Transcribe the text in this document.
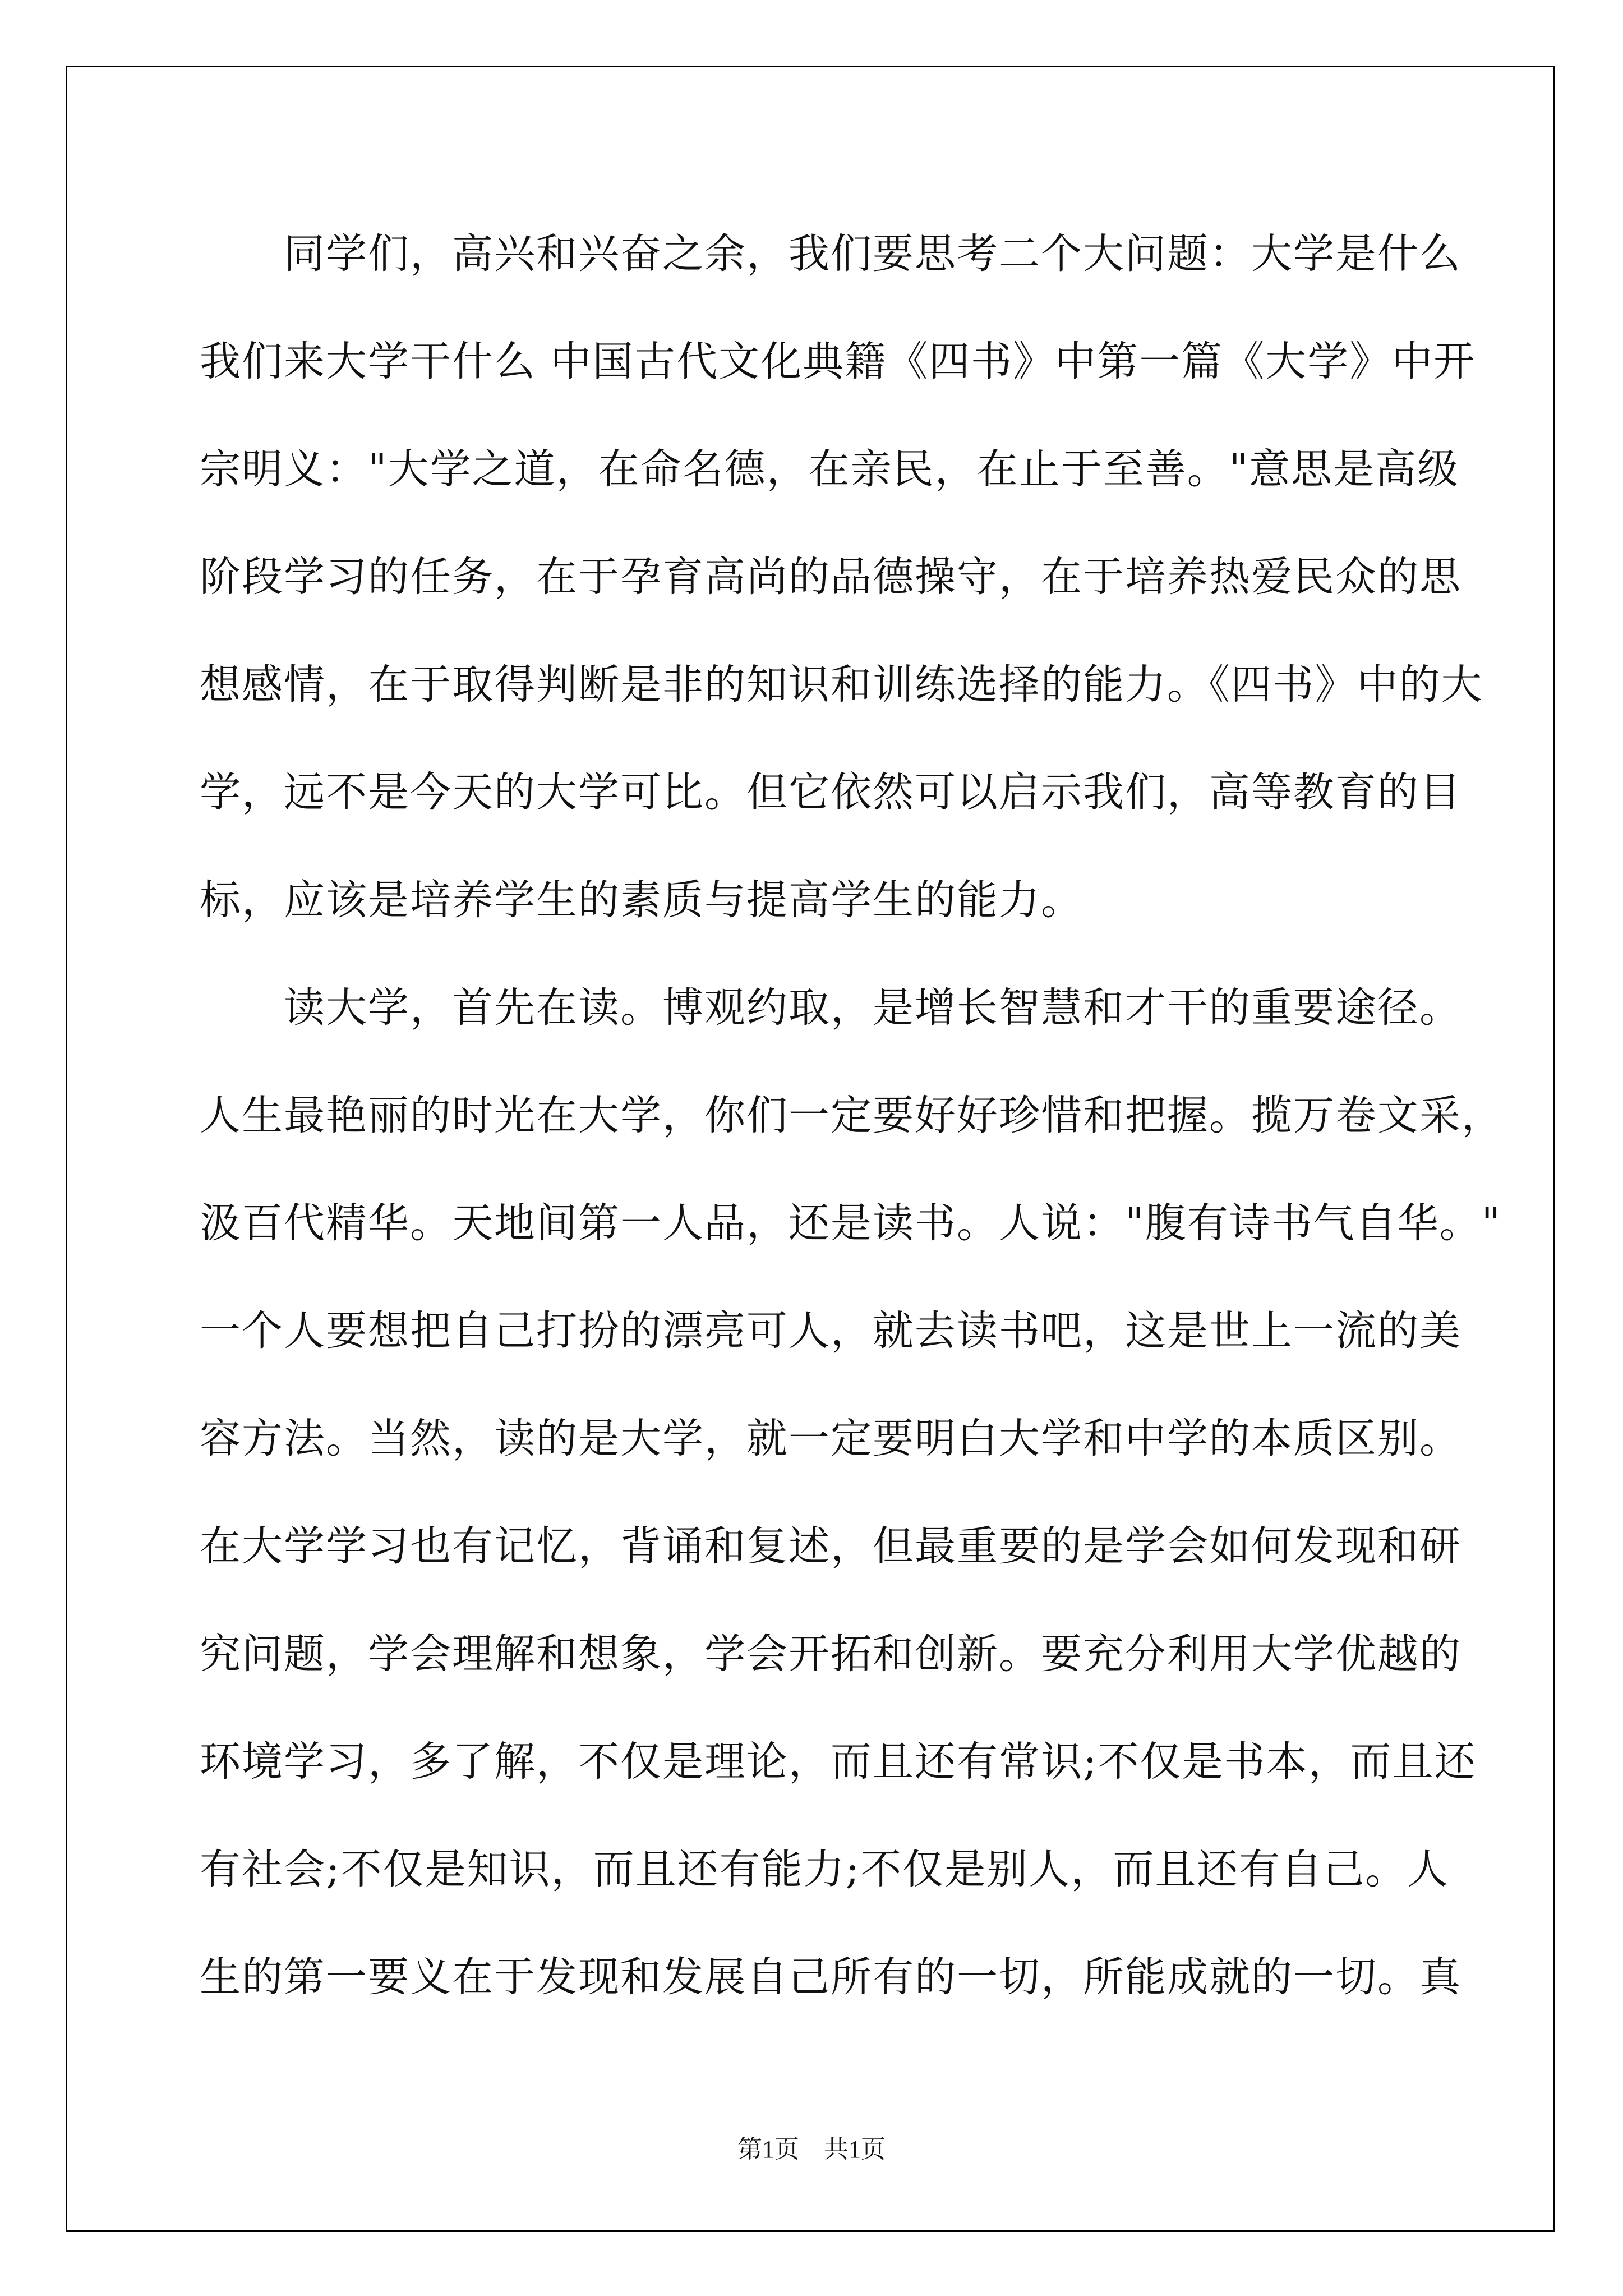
同学们，高兴和兴奋之余，我们要思考二个大问题：大学是什么
我们来大学干什么 中国古代文化典籍《四书》中第一篇《大学》中开
宗明义："大学之道，在命名德，在亲民，在止于至善。"意思是高级
阶段学习的任务，在于孕育高尚的品德操守，在于培养热爱民众的思
想感情，在于取得判断是非的知识和训练选择的能力。《四书》中的大
学，远不是今天的大学可比。但它依然可以启示我们，高等教育的目
标，应该是培养学生的素质与提高学生的能力。
读大学，首先在读。博观约取，是增长智慧和才干的重要途径。
人生最艳丽的时光在大学，你们一定要好好珍惜和把握。揽万卷文采，
汲百代精华。天地间第一人品，还是读书。人说："腹有诗书气自华。"
一个人要想把自己打扮的漂亮可人，就去读书吧，这是世上一流的美
容方法。当然，读的是大学，就一定要明白大学和中学的本质区别。
在大学学习也有记忆，背诵和复述，但最重要的是学会如何发现和研
究问题，学会理解和想象，学会开拓和创新。要充分利用大学优越的
环境学习，多了解，不仅是理论，而且还有常识;不仅是书本，而且还
有社会;不仅是知识，而且还有能力;不仅是别人，而且还有自己。人
生的第一要义在于发现和发展自己所有的一切，所能成就的一切。真
第1页　共1页
